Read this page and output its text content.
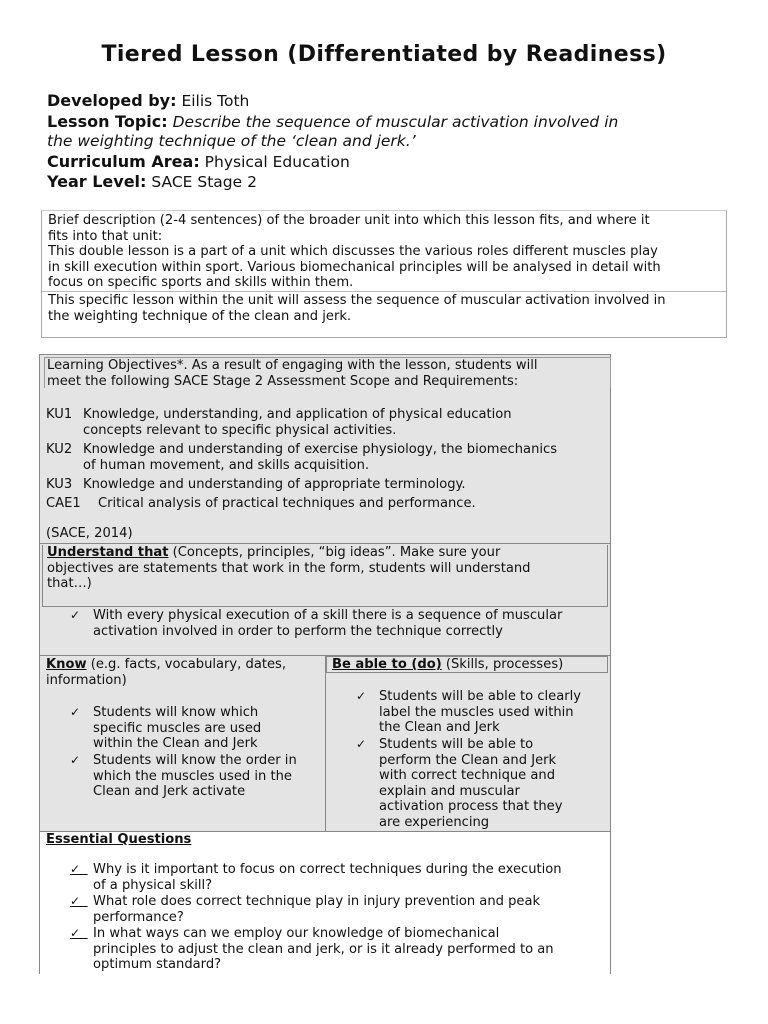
Tiered Lesson (Differentiated by Readiness)
Developed by: Eilis Toth
Lesson Topic: Describe the sequence of muscular activation involved in
the weighting technique of the ‘clean and jerk.’
Curriculum Area: Physical Education
Year Level: SACE Stage 2
Brief description (2-4 sentences) of the broader unit into which this lesson fits, and where it
fits into that unit:
This double lesson is a part of a unit which discusses the various roles different muscles play
in skill execution within sport. Various biomechanical principles will be analysed in detail with
focus on specific sports and skills within them.
This specific lesson within the unit will assess the sequence of muscular activation involved in
the weighting technique of the clean and jerk.
Learning Objectives*. As a result of engaging with the lesson, students will
meet the following SACE Stage 2 Assessment Scope and Requirements:
KU1 Knowledge, understanding, and application of physical education
concepts relevant to specific physical activities.
KU2 Knowledge and understanding of exercise physiology, the biomechanics
of human movement, and skills acquisition.
KU3 Knowledge and understanding of appropriate terminology.
CAE1 Critical analysis of practical techniques and performance.
(SACE, 2014)
Understand that (Concepts, principles, “big ideas”. Make sure your
objectives are statements that work in the form, students will understand
that…)
✓ With every physical execution of a skill there is a sequence of muscular
activation involved in order to perform the technique correctly
Know (e.g. facts, vocabulary, dates,
information)
✓ Students will know which
specific muscles are used
within the Clean and Jerk
✓ Students will know the order in
which the muscles used in the
Clean and Jerk activate
Be able to (do) (Skills, processes)
✓ Students will be able to clearly
label the muscles used within
the Clean and Jerk
✓ Students will be able to
perform the Clean and Jerk
with correct technique and
explain and muscular
activation process that they
are experiencing
Essential Questions
✓ Why is it important to focus on correct techniques during the execution
of a physical skill?
✓ What role does correct technique play in injury prevention and peak
performance?
✓ In what ways can we employ our knowledge of biomechanical
principles to adjust the clean and jerk, or is it already performed to an
optimum standard?
